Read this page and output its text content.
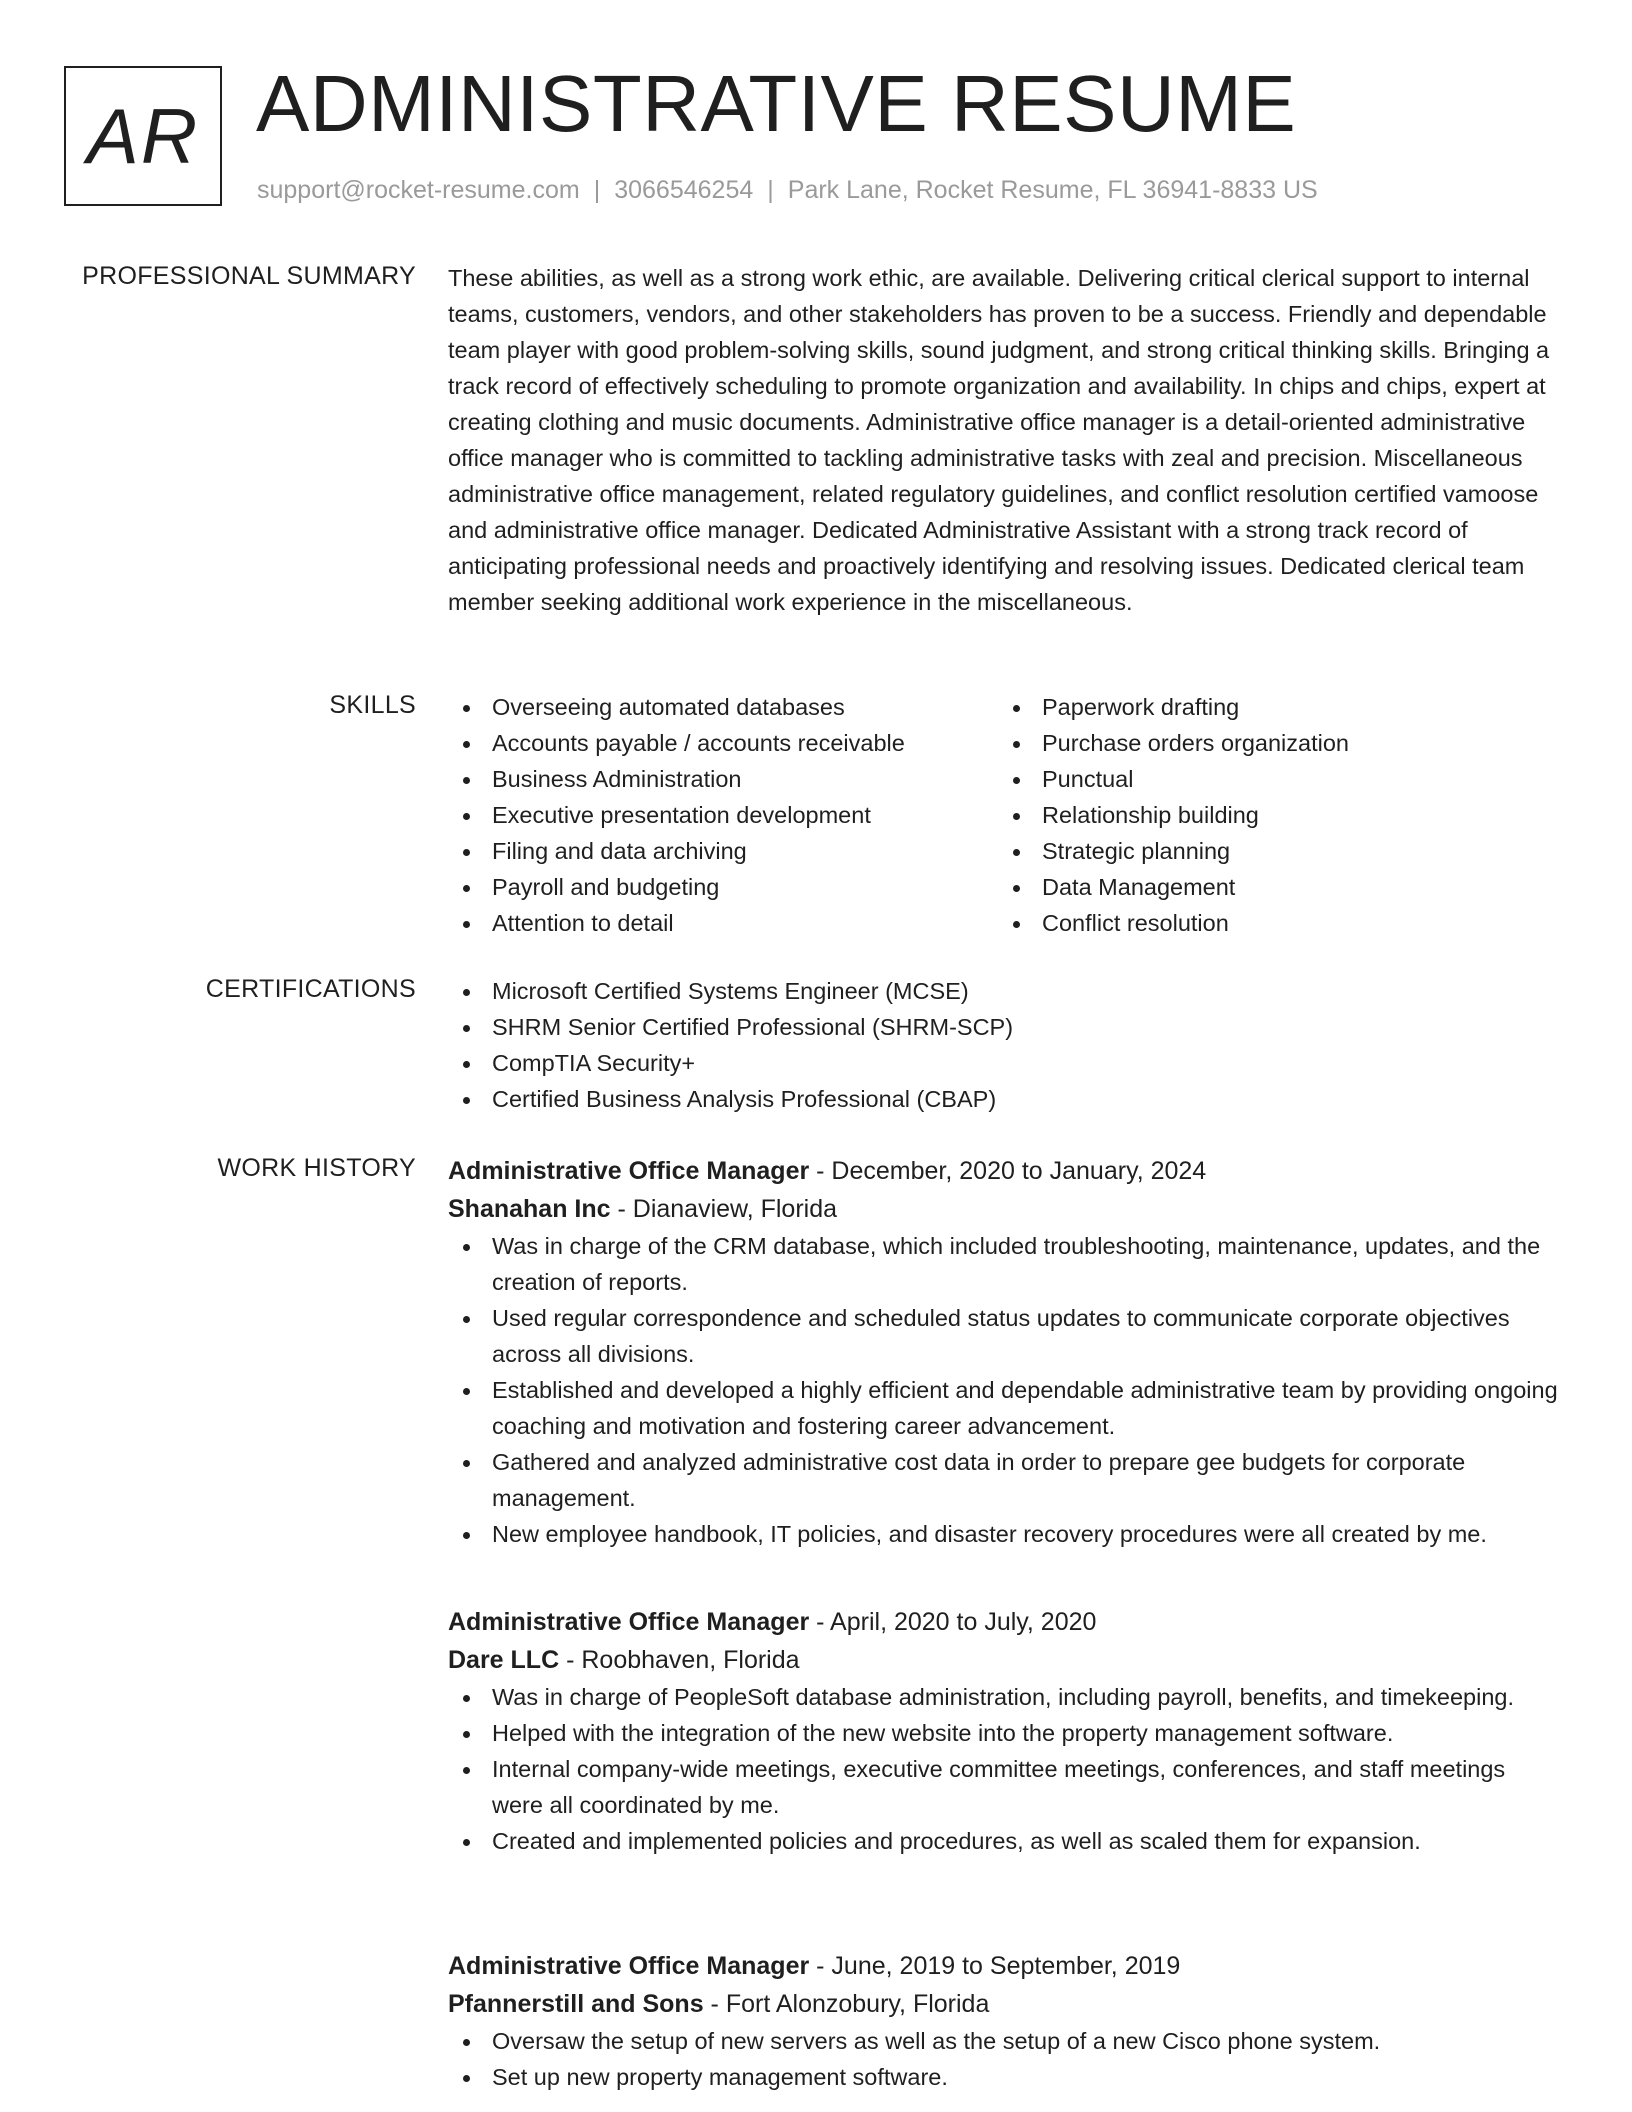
AR ADMINISTRATIVE RESUME
support@rocket-resume.com | 3066546254 | Park Lane, Rocket Resume, FL 36941-8833 US
PROFESSIONAL SUMMARY These abilities, as well as a strong work ethic, are available. Delivering critical clerical support to internal teams, customers, vendors, and other stakeholders has proven to be a success. Friendly and dependable team player with good problem-solving skills, sound judgment, and strong critical thinking skills. Bringing a track record of effectively scheduling to promote organization and availability. In chips and chips, expert at creating clothing and music documents. Administrative office manager is a detail-oriented administrative office manager who is committed to tackling administrative tasks with zeal and precision. Miscellaneous administrative office management, related regulatory guidelines, and conflict resolution certified vamoose and administrative office manager. Dedicated Administrative Assistant with a strong track record of anticipating professional needs and proactively identifying and resolving issues. Dedicated clerical team member seeking additional work experience in the miscellaneous.

SKILLS	Overseeing automated databases
Accounts payable / accounts receivable
Business Administration
Executive presentation development
Filing and data archiving
Payroll and budgeting
Attention to detail
Paperwork drafting
Purchase orders organization
Punctual
Relationship building
Strategic planning
Data Management
Conflict resolution
CERTIFICATIONS	Microsoft Certified Systems Engineer (MCSE)
SHRM Senior Certified Professional (SHRM-SCP)
CompTIA Security+
Certified Business Analysis Professional (CBAP)
WORK HISTORY Administrative Office Manager - December, 2020 to January, 2024
Shanahan Inc - Dianaview, Florida
Was in charge of the CRM database, which included troubleshooting, maintenance, updates, and the creation of reports.
Used regular correspondence and scheduled status updates to communicate corporate objectives across all divisions.
Established and developed a highly efficient and dependable administrative team by providing ongoing coaching and motivation and fostering career advancement.
Gathered and analyzed administrative cost data in order to prepare gee budgets for corporate management.
New employee handbook, IT policies, and disaster recovery procedures were all created by me.
Administrative Office Manager - April, 2020 to July, 2020
Dare LLC - Roobhaven, Florida
Was in charge of PeopleSoft database administration, including payroll, benefits, and timekeeping.
Helped with the integration of the new website into the property management software.
Internal company-wide meetings, executive committee meetings, conferences, and staff meetings were all coordinated by me.
Created and implemented policies and procedures, as well as scaled them for expansion.
Administrative Office Manager - June, 2019 to September, 2019
Pfannerstill and Sons - Fort Alonzobury, Florida
Oversaw the setup of new servers as well as the setup of a new Cisco phone system.
Set up new property management software.
